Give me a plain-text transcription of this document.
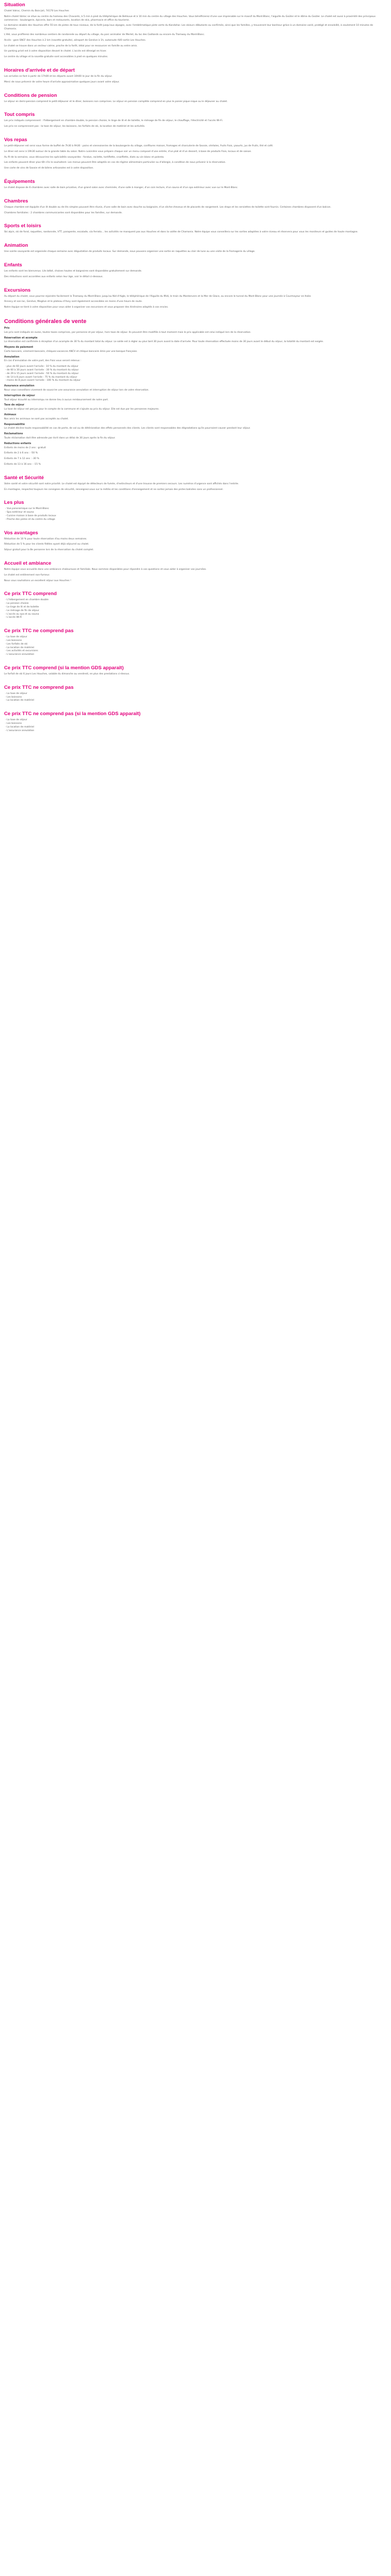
Situation
Chalet Valroc, Chemin du Bois-Joli, 74170 Les Houches
Notre chalet Valroc se situe au centre du hameau des Chavants, à 5 min à pied du téléphérique de Bellevue et à 10 min du centre du village des Houches. Vous bénéficierez d'une vue imprenable sur le massif du Mont-Blanc, l'aiguille du Goûter et le dôme du Goûter. Le chalet est aussi à proximité des principaux commerces : boulangerie, épicerie, bars et restaurants, location de skis, pharmacie et office du tourisme.
Le domaine skiable des Houches offre 55 km de pistes de tous niveaux, de la forêt jusqu'aux alpages, avec l'emblématique piste verte du Kandahar. Les skieurs débutants ou confirmés, ainsi que les familles, y trouveront leur bonheur grâce à un domaine varié, protégé et ensoleillé, à seulement 10 minutes de Chamonix.
L'été, vous profiterez des nombreux sentiers de randonnée au départ du village, du parc animalier de Merlet, du lac des Gaillands ou encore du Tramway du Mont-Blanc.
Accès : gare SNCF des Houches à 2 km (navette gratuite), aéroport de Genève à 1h, autoroute A40 sortie Les Houches.
Le chalet se trouve dans un secteur calme, proche de la forêt, idéal pour se ressourcer en famille ou entre amis.
Un parking privé est à votre disposition devant le chalet. L'accès est déneigé en hiver.
Le centre du village et la navette gratuite sont accessibles à pied en quelques minutes.
Horaires d'arrivée et de départ
Les arrivées se font à partir de 17h00 et les départs avant 10h00 le jour de la fin du séjour.
Merci de nous prévenir de votre heure d'arrivée approximative quelques jours avant votre séjour.
Conditions de pension
Le séjour en demi-pension comprend le petit-déjeuner et le dîner, boissons non comprises. Le séjour en pension complète comprend en plus le panier pique-nique ou le déjeuner au chalet.
Tout compris
Les prix indiqués comprennent : l'hébergement en chambre double, la pension choisie, le linge de lit et de toilette, le ménage de fin de séjour, le chauffage, l'électricité et l'accès Wi-Fi.
Les prix ne comprennent pas : la taxe de séjour, les boissons, les forfaits de ski, la location de matériel et les activités.
Vos repas
Le petit-déjeuner est servi sous forme de buffet de 7h30 à 9h30 : pains et viennoiseries de la boulangerie du village, confitures maison, fromages et charcuterie de Savoie, céréales, fruits frais, yaourts, jus de fruits, thé et café.
Le dîner est servi à 19h30 autour de la grande table du salon. Notre cuisinière vous prépare chaque soir un menu composé d'une entrée, d'un plat et d'un dessert, à base de produits frais, locaux et de saison.
Au fil de la semaine, vous découvrirez les spécialités savoyardes : fondue, raclette, tartiflette, croziflette, diots au vin blanc et polenta.
Les enfants peuvent dîner plus tôt s'ils le souhaitent. Les menus peuvent être adaptés en cas de régime alimentaire particulier ou d'allergie, à condition de nous prévenir à la réservation.
Une carte de vins de Savoie et de bières artisanales est à votre disposition.
Équipements
Le chalet dispose de 6 chambres avec salle de bain privative, d'un grand salon avec cheminée, d'une salle à manger, d'un coin lecture, d'un sauna et d'un spa extérieur avec vue sur le Mont-Blanc.
Chambres
Chaque chambre est équipée d'un lit double ou de lits simples pouvant être réunis, d'une salle de bain avec douche ou baignoire, d'un sèche-cheveux et de placards de rangement. Les draps et les serviettes de toilette sont fournis. Certaines chambres disposent d'un balcon.
Chambres familiales : 2 chambres communicantes sont disponibles pour les familles, sur demande.
Sports et loisirs
Ski alpin, ski de fond, raquettes, randonnée, VTT, parapente, escalade, via ferrata… les activités ne manquent pas aux Houches et dans la vallée de Chamonix. Notre équipe vous conseillera sur les sorties adaptées à votre niveau et réservera pour vous les moniteurs et guides de haute montagne.
Animation
Une soirée savoyarde est organisée chaque semaine avec dégustation de produits locaux. Sur demande, nous pouvons organiser une sortie en raquettes au clair de lune ou une visite de la fromagerie du village.
Enfants
Les enfants sont les bienvenus. Lits bébé, chaises hautes et baignoires sont disponibles gratuitement sur demande.
Des réductions sont accordées aux enfants selon leur âge, voir le détail ci-dessous.
Excursions
Au départ du chalet, vous pourrez rejoindre facilement le Tramway du Mont-Blanc jusqu'au Nid d'Aigle, le téléphérique de l'Aiguille du Midi, le train du Montenvers et la Mer de Glace, ou encore le tunnel du Mont-Blanc pour une journée à Courmayeur en Italie.
Annecy et son lac, Genève, Megève et le plateau d'Assy sont également accessibles en moins d'une heure de route.
Notre équipe se tient à votre disposition pour vous aider à organiser vos excursions et vous proposer des itinéraires adaptés à vos envies.
Conditions générales de vente
Prix
Les prix sont indiqués en euros, toutes taxes comprises, par personne et par séjour, hors taxe de séjour. Ils peuvent être modifiés à tout moment mais le prix applicable est celui indiqué lors de la réservation.
Réservation et acompte
La réservation est confirmée à réception d'un acompte de 30 % du montant total du séjour. Le solde est à régler au plus tard 30 jours avant la date d'arrivée. Pour toute réservation effectuée moins de 30 jours avant le début du séjour, la totalité du montant est exigée.
Moyens de paiement
Carte bancaire, virement bancaire, chèques-vacances ANCV et chèque bancaire émis par une banque française.
Annulation
En cas d'annulation de votre part, des frais vous seront retenus :
- plus de 60 jours avant l'arrivée : 10 % du montant du séjour
- de 60 à 30 jours avant l'arrivée : 30 % du montant du séjour
- de 29 à 15 jours avant l'arrivée : 50 % du montant du séjour
- de 14 à 8 jours avant l'arrivée : 75 % du montant du séjour
- moins de 8 jours avant l'arrivée : 100 % du montant du séjour
Assurance annulation
Nous vous conseillons vivement de souscrire une assurance annulation et interruption de séjour lors de votre réservation.
Interruption de séjour
Tout séjour écourté ou interrompu ne donne lieu à aucun remboursement de notre part.
Taxe de séjour
La taxe de séjour est perçue pour le compte de la commune et s'ajoute au prix du séjour. Elle est due par les personnes majeures.
Animaux
Nos amis les animaux ne sont pas acceptés au chalet.
Responsabilité
Le chalet décline toute responsabilité en cas de perte, de vol ou de détérioration des effets personnels des clients. Les clients sont responsables des dégradations qu'ils pourraient causer pendant leur séjour.
Réclamations
Toute réclamation doit être adressée par écrit dans un délai de 30 jours après la fin du séjour.
Réductions enfants
Enfants de moins de 2 ans : gratuit
Enfants de 2 à 6 ans : -50 %
Enfants de 7 à 12 ans : -30 %
Enfants de 13 à 16 ans : -15 %
Santé et Sécurité
Votre santé et votre sécurité sont notre priorité. Le chalet est équipé de détecteurs de fumée, d'extincteurs et d'une trousse de premiers secours. Les numéros d'urgence sont affichés dans l'entrée.
En montagne, respectez toujours les consignes de sécurité, renseignez-vous sur la météo et les conditions d'enneigement et ne sortez jamais des pistes balisées sans un professionnel.
Les plus
- Vue panoramique sur le Mont-Blanc
- Spa extérieur et sauna
- Cuisine maison à base de produits locaux
- Proche des pistes et du centre du village
Vos avantages
Réduction de 10 % pour toute réservation d'au moins deux semaines.
Réduction de 5 % pour les clients fidèles ayant déjà séjourné au chalet.
Séjour gratuit pour la 8e personne lors de la réservation du chalet complet.
Accueil et ambiance
Notre équipe vous accueille dans une ambiance chaleureuse et familiale. Nous sommes disponibles pour répondre à vos questions et vous aider à organiser vos journées.
Le chalet est entièrement non-fumeur.
Nous vous souhaitons un excellent séjour aux Houches !
Ce prix TTC comprend
- L'hébergement en chambre double
- La pension choisie
- Le linge de lit et de toilette
- Le ménage de fin de séjour
- L'accès au spa et au sauna
- L'accès Wi-Fi
Ce prix TTC ne comprend pas
- La taxe de séjour
- Les boissons
- Les forfaits de ski
- La location de matériel
- Les activités et excursions
- L'assurance annulation
Ce prix TTC comprend (si la mention GDS apparaît)
Le forfait de ski 6 jours Les Houches, valable du dimanche au vendredi, en plus des prestations ci-dessus.
Ce prix TTC ne comprend pas
- La taxe de séjour
- Les boissons
- La location de matériel
Ce prix TTC ne comprend pas (si la mention GDS apparaît)
- La taxe de séjour
- Les boissons
- La location de matériel
- L'assurance annulation
